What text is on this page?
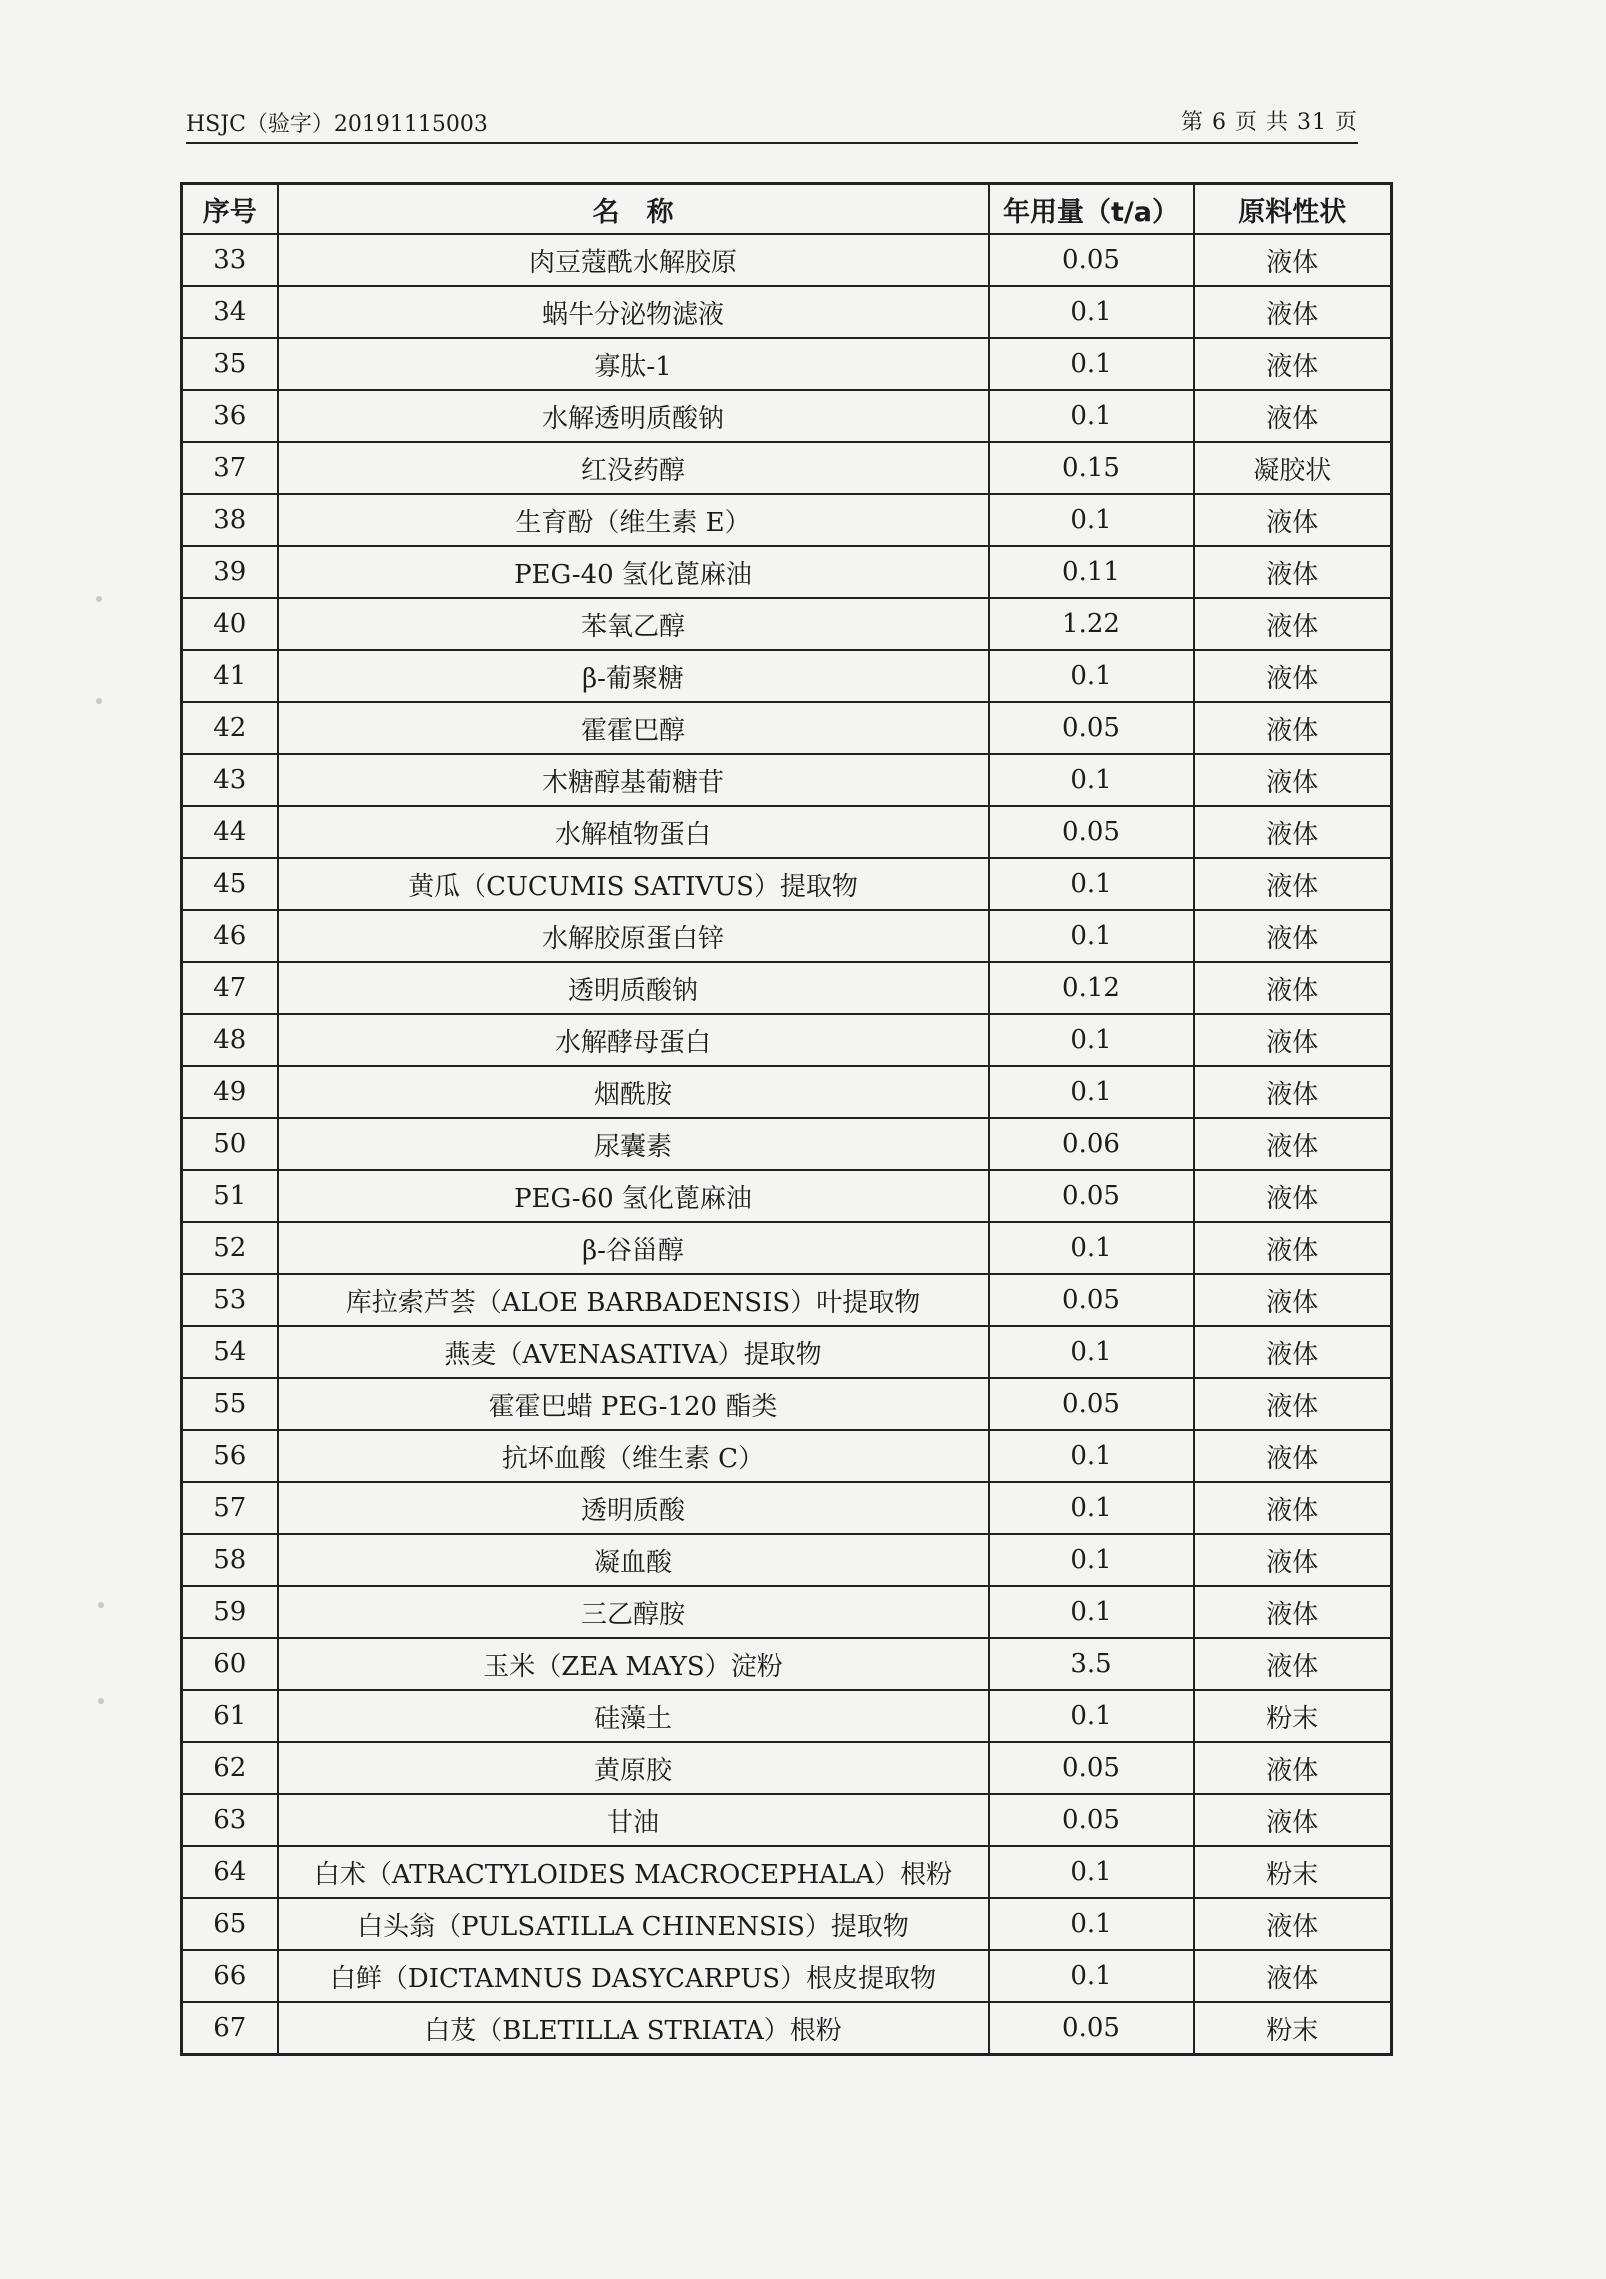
HSJC（验字）20191115003	第 6 页 共 31 页
序号	名　称	年用量（t/a）	原料性状
33	肉豆蔻酰水解胶原	0.05	液体
34	蜗牛分泌物滤液	0.1	液体
35	寡肽-1	0.1	液体
36	水解透明质酸钠	0.1	液体
37	红没药醇	0.15	凝胶状
38	生育酚（维生素 E）	0.1	液体
39	PEG-40 氢化蓖麻油	0.11	液体
40	苯氧乙醇	1.22	液体
41	β-葡聚糖	0.1	液体
42	霍霍巴醇	0.05	液体
43	木糖醇基葡糖苷	0.1	液体
44	水解植物蛋白	0.05	液体
45	黄瓜（CUCUMIS SATIVUS）提取物	0.1	液体
46	水解胶原蛋白锌	0.1	液体
47	透明质酸钠	0.12	液体
48	水解酵母蛋白	0.1	液体
49	烟酰胺	0.1	液体
50	尿囊素	0.06	液体
51	PEG-60 氢化蓖麻油	0.05	液体
52	β-谷甾醇	0.1	液体
53	库拉索芦荟（ALOE BARBADENSIS）叶提取物	0.05	液体
54	燕麦（AVENASATIVA）提取物	0.1	液体
55	霍霍巴蜡 PEG-120 酯类	0.05	液体
56	抗坏血酸（维生素 C）	0.1	液体
57	透明质酸	0.1	液体
58	凝血酸	0.1	液体
59	三乙醇胺	0.1	液体
60	玉米（ZEA MAYS）淀粉	3.5	液体
61	硅藻土	0.1	粉末
62	黄原胶	0.05	液体
63	甘油	0.05	液体
64	白术（ATRACTYLOIDES MACROCEPHALA）根粉	0.1	粉末
65	白头翁（PULSATILLA CHINENSIS）提取物	0.1	液体
66	白鲜（DICTAMNUS DASYCARPUS）根皮提取物	0.1	液体
67	白芨（BLETILLA STRIATA）根粉	0.05	粉末
